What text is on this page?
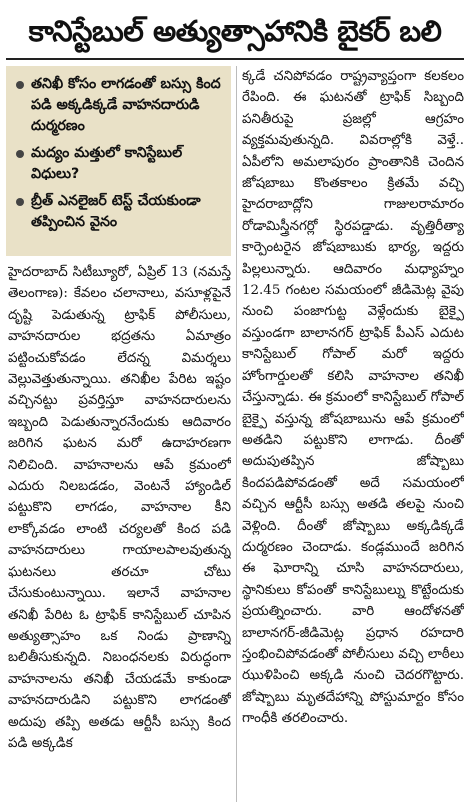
కానిస్టేబుల్ అత్యుత్సాహానికి బైకర్ బలి
తనిఖీ కోసం లాగడంతో బస్సు కింద పడి అక్కడిక్కడే వాహనదారుడి దుర్మరణం
మద్యం మత్తులో కానిస్టేబుల్ విధులు?
బ్రీత్ ఎనలైజర్ టెస్ట్ చేయకుండా తప్పించిన వైనం

హైదరాబాద్ సిటీబ్యూరో, ఏప్రిల్ 13 (నమస్తే తెలంగాణ): కేవలం చలానాలు, వసూళ్లపైనే దృష్టి పెడుతున్న ట్రాఫిక్ పోలీసులు, వాహనదారుల భద్రతను ఏమాత్రం పట్టించుకోవడం లేదన్న విమర్శలు వెల్లువెత్తుతున్నాయి. తనిఖీల పేరిట ఇష్టం వచ్చినట్టు ప్రవర్తిస్తూ వాహనదారులను ఇబ్బంది పెడుతున్నారనేందుకు ఆదివారం జరిగిన ఘటన మరో ఉదాహరణగా నిలిచింది. వాహనాలను ఆపే క్రమంలో ఎదురు నిలబడడం, వెంటనే హ్యాండిల్ పట్టుకొని లాగడం, వాహనాల కీని లాక్కోవడం లాంటి చర్యలతో కింద పడి వాహనదారులు గాయాలపాలవుతున్న ఘటనలు తరచూ చోటు చేసుకుంటున్నాయి. ఇలానే వాహనాల తనిఖీ పేరిట ఓ ట్రాఫిక్ కానిస్టేబుల్ చూపిన అత్యుత్సాహం ఒక నిండు ప్రాణాన్ని బలితీసుకున్నది. నిబంధనలకు విరుద్ధంగా వాహనాలను తనిఖీ చేయడమే కాకుండా వాహనదారుడిని పట్టుకొని లాగడంతో అదుపు తప్పి అతడు ఆర్టీసీ బస్సు కింద పడి అక్కడిక

క్కడే చనిపోవడం రాష్ట్రవ్యాప్తంగా కలకలం రేపింది. ఈ ఘటనతో ట్రాఫిక్ సిబ్బంది పనితీరుపై ప్రజల్లో ఆగ్రహం వ్యక్తమవుతున్నది. వివరాల్లోకి వెళ్తే.. ఏపీలోని అమలాపురం ప్రాంతానికి చెందిన జోషబాబు కొంతకాలం క్రితమే వచ్చి హైదరాబాద్లోని గాజులరామారం రోడామిస్త్రీనగర్లో స్థిరపడ్డాడు. వృత్తిరీత్యా కార్పెంటరైన జోషబాబుకు భార్య, ఇద్దరు పిల్లలున్నారు. ఆదివారం మధ్యాహ్నం 12.45 గంటల సమయంలో జీడిమెట్ల వైపు నుంచి పంజాగుట్ట వెళ్లేందుకు బైక్పై వస్తుండగా బాలానగర్ ట్రాఫిక్ పీఎస్ ఎదుట కానిస్టేబుల్ గోపాల్ మరో ఇద్దరు హోంగార్డులతో కలిసి వాహనాల తనిఖీ చేస్తున్నాడు. ఈ క్రమంలో కానిస్టేబుల్ గోపాల్ బైక్పై వస్తున్న జోషబాబును ఆపే క్రమంలో అతడిని పట్టుకొని లాగాడు. దీంతో అదుపుతప్పిన జోష్బాబు కిందపడిపోవడంతో అదే సమయంలో వచ్చిన ఆర్టీసీ బస్సు అతడి తలపై నుంచి వెళ్లింది. దీంతో జోష్బాబు అక్కడిక్కడే దుర్మరణం చెందాడు. కండ్లముందే జరిగిన ఈ ఘోరాన్ని చూసి వాహనదారులు, స్థానికులు కోపంతో కానిస్టేబుల్ను కొట్టేందుకు ప్రయత్నించారు. వారి ఆందోళనతో బాలానగర్-జీడిమెట్ల ప్రధాన రహదారి స్తంభించిపోవడంతో పోలీసులు వచ్చి లాఠీలు ఝుళిపించి అక్కడి నుంచి చెదరగొట్టారు. జోష్బాబు మృతదేహాన్ని పోస్టుమార్టం కోసం గాంధీకి తరలించారు.
